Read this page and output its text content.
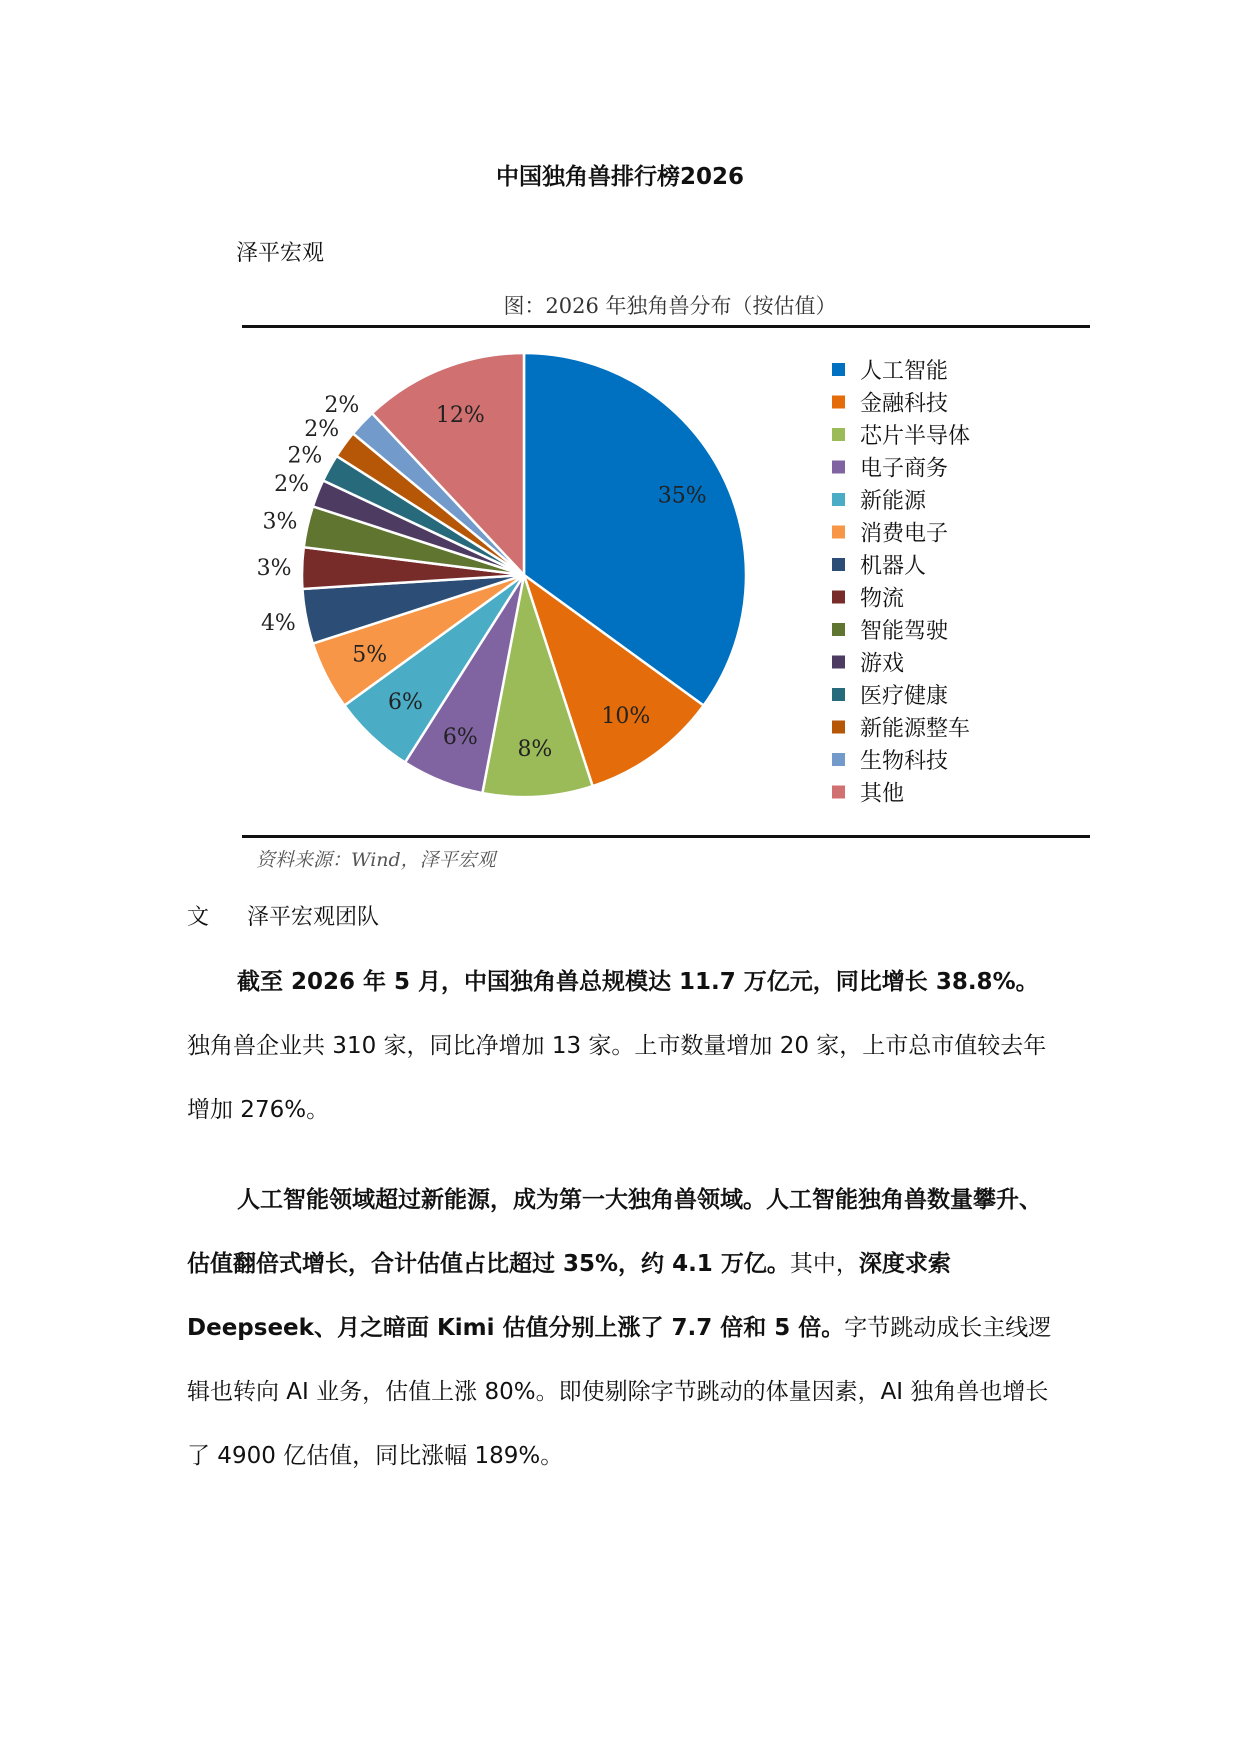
中国独角兽排行榜2026
泽平宏观
图：2026 年独角兽分布（按估值）
35%
10%
8%
6%
6%
5%
4%
3%
3%
2%
2%
2%
2%	12%
人工智能
金融科技
芯片半导体
电子商务
新能源
消费电子
机器人
物流
智能驾驶
游戏
医疗健康
新能源整车
生物科技
其他
资料来源：Wind，泽平宏观
文 泽平宏观团队
截至 2026 年 5 月，中国独角兽总规模达 11.7 万亿元，同比增长 38.8%。独角兽企业共 310 家，同比净增加 13 家。上市数量增加 20 家，上市总市值较去年增加 276%。
人工智能领域超过新能源，成为第一大独角兽领域。人工智能独角兽数量攀升、估值翻倍式增长，合计估值占比超过 35%，约 4.1 万亿。其中，深度求索 Deepseek、月之暗面 Kimi 估值分别上涨了 7.7 倍和 5 倍。字节跳动成长主线逻辑也转向 AI 业务，估值上涨 80%。即使剔除字节跳动的体量因素，AI 独角兽也增长了 4900 亿估值，同比涨幅 189%。
